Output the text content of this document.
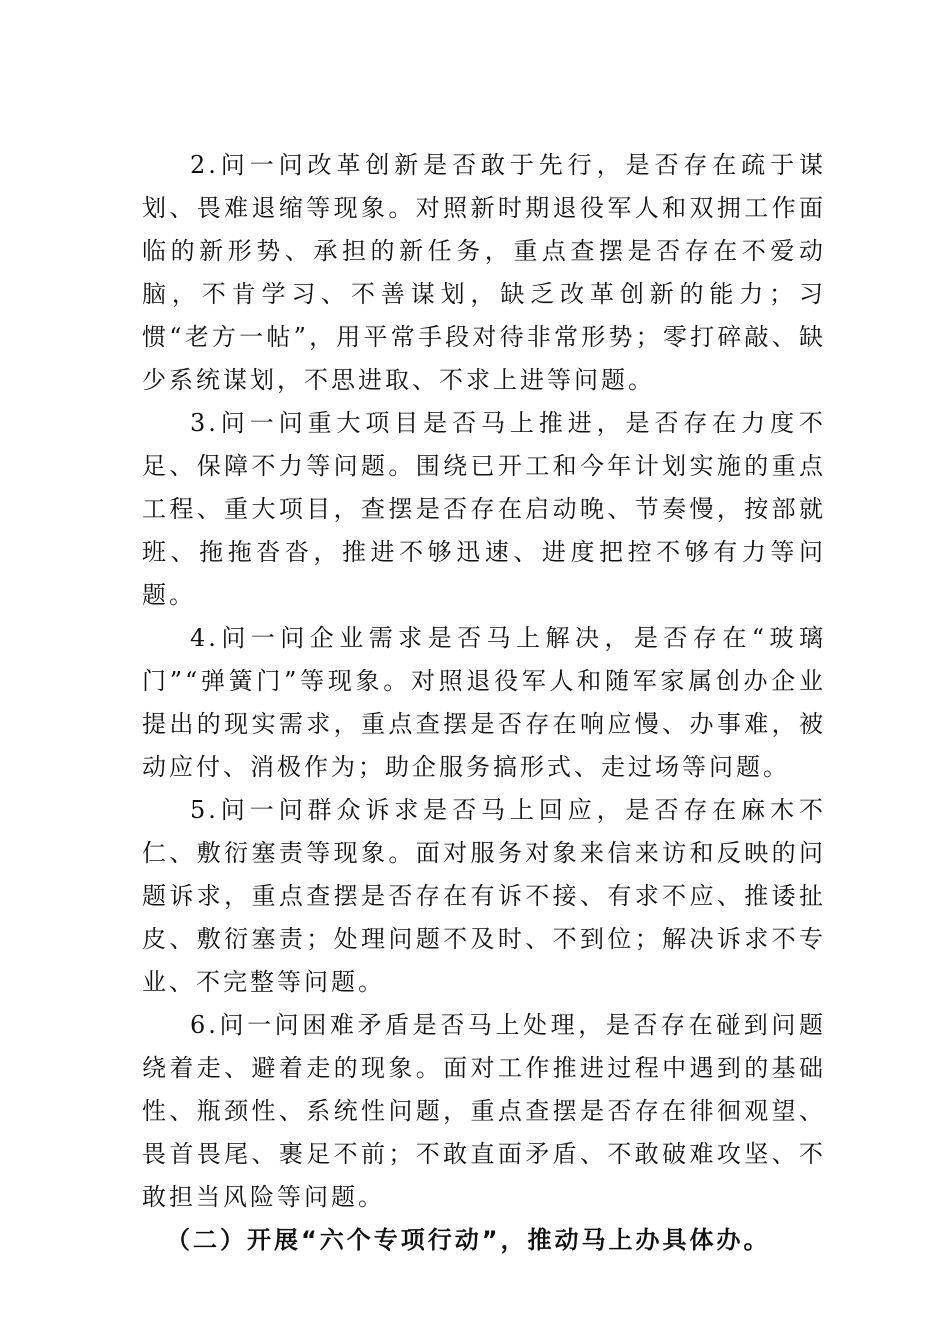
2.问一问改革创新是否敢于先行，是否存在疏于谋划、畏难退缩等现象。对照新时期退役军人和双拥工作面临的新形势、承担的新任务，重点查摆是否存在不爱动脑，不肯学习、不善谋划，缺乏改革创新的能力；习惯“老方一帖”，用平常手段对待非常形势；零打碎敲、缺少系统谋划，不思进取、不求上进等问题。

3.问一问重大项目是否马上推进，是否存在力度不足、保障不力等问题。围绕已开工和今年计划实施的重点工程、重大项目，查摆是否存在启动晚、节奏慢，按部就班、拖拖沓沓，推进不够迅速、进度把控不够有力等问题。

4.问一问企业需求是否马上解决，是否存在“玻璃门”“弹簧门”等现象。对照退役军人和随军家属创办企业提出的现实需求，重点查摆是否存在响应慢、办事难，被动应付、消极作为；助企服务搞形式、走过场等问题。

5.问一问群众诉求是否马上回应，是否存在麻木不仁、敷衍塞责等现象。面对服务对象来信来访和反映的问题诉求，重点查摆是否存在有诉不接、有求不应、推诿扯皮、敷衍塞责；处理问题不及时、不到位；解决诉求不专业、不完整等问题。

6.问一问困难矛盾是否马上处理，是否存在碰到问题绕着走、避着走的现象。面对工作推进过程中遇到的基础性、瓶颈性、系统性问题，重点查摆是否存在徘徊观望、畏首畏尾、裹足不前；不敢直面矛盾、不敢破难攻坚、不敢担当风险等问题。

（二）开展“六个专项行动”，推动马上办具体办。
